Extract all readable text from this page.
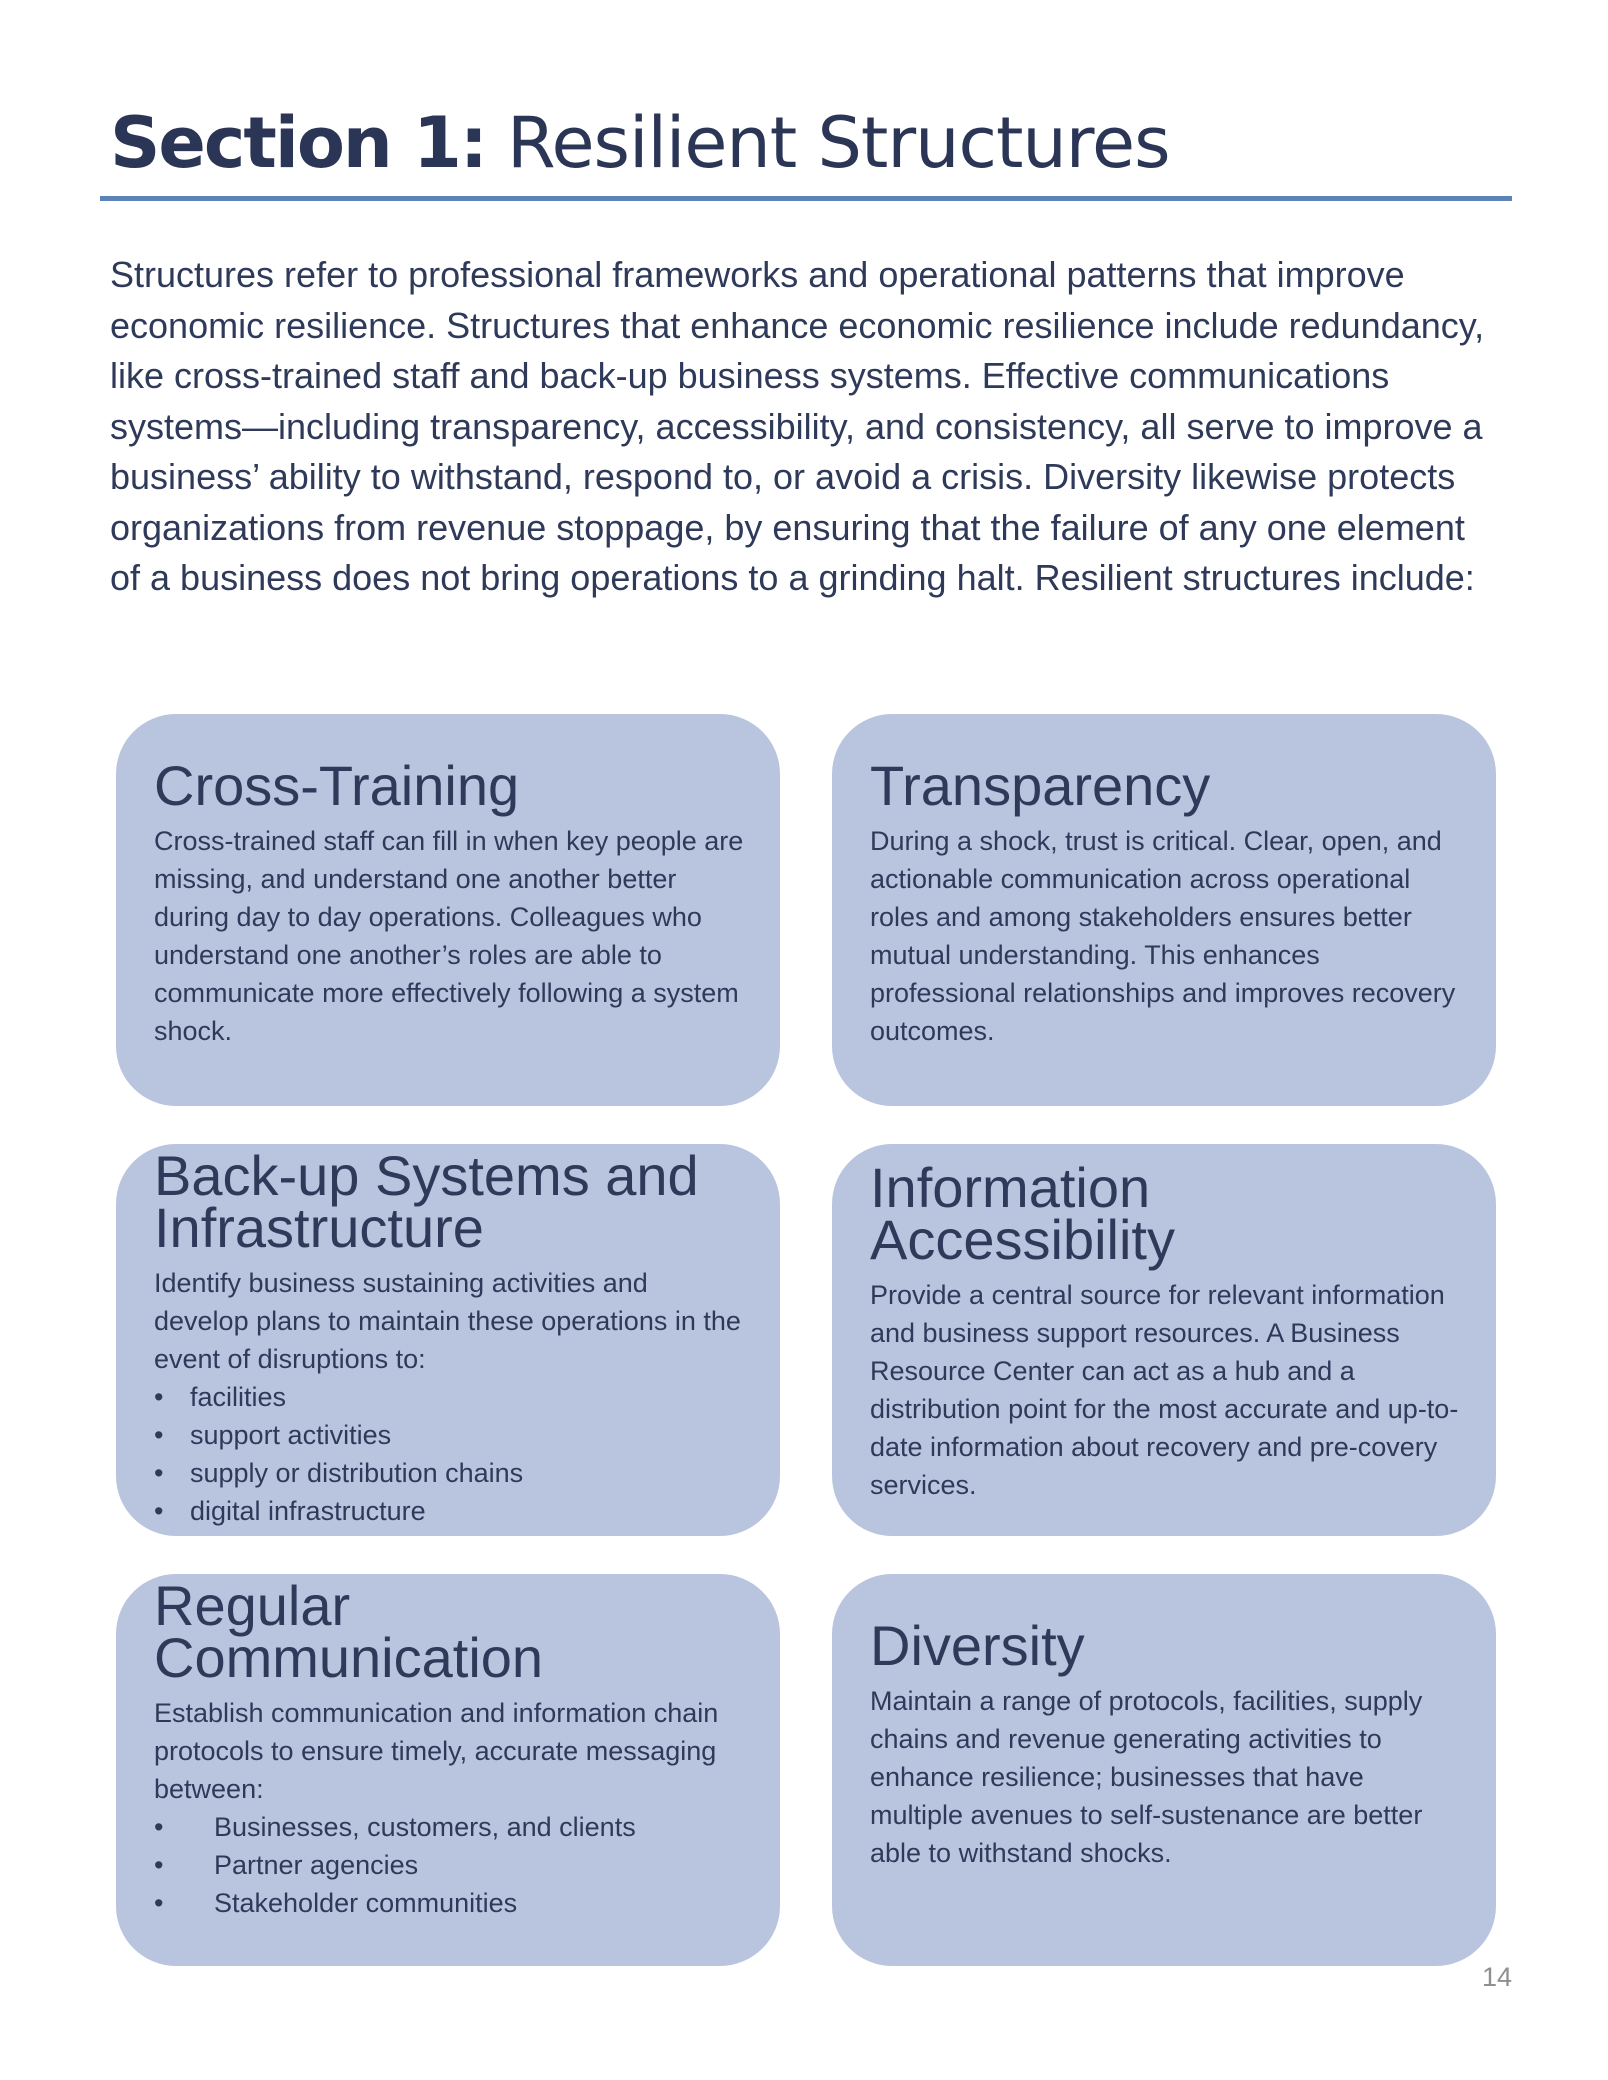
Section 1: Resilient Structures

Structures refer to professional frameworks and operational patterns that improve economic resilience. Structures that enhance economic resilience include redundancy, like cross-trained staff and back-up business systems. Effective communications systems—including transparency, accessibility, and consistency, all serve to improve a business’ ability to withstand, respond to, or avoid a crisis. Diversity likewise protects organizations from revenue stoppage, by ensuring that the failure of any one element of a business does not bring operations to a grinding halt. Resilient structures include:

Cross-Training

Cross-trained staff can fill in when key people are missing, and understand one another better during day to day operations. Colleagues who understand one another’s roles are able to communicate more effectively following a system shock.

Transparency

During a shock, trust is critical. Clear, open, and actionable communication across operational roles and among stakeholders ensures better mutual understanding. This enhances professional relationships and improves recovery outcomes.

Back-up Systems and Infrastructure

Identify business sustaining activities and develop plans to maintain these operations in the event of disruptions to:

• facilities
• support activities
• supply or distribution chains
• digital infrastructure
Information Accessibility

Provide a central source for relevant information and business support resources. A Business Resource Center can act as a hub and a distribution point for the most accurate and up-to-date information about recovery and pre-covery services.

Regular Communication

Establish communication and information chain protocols to ensure timely, accurate messaging between:

• Businesses, customers, and clients
• Partner agencies
• Stakeholder communities
Diversity

Maintain a range of protocols, facilities, supply chains and revenue generating activities to enhance resilience; businesses that have multiple avenues to self-sustenance are better able to withstand shocks.

14
